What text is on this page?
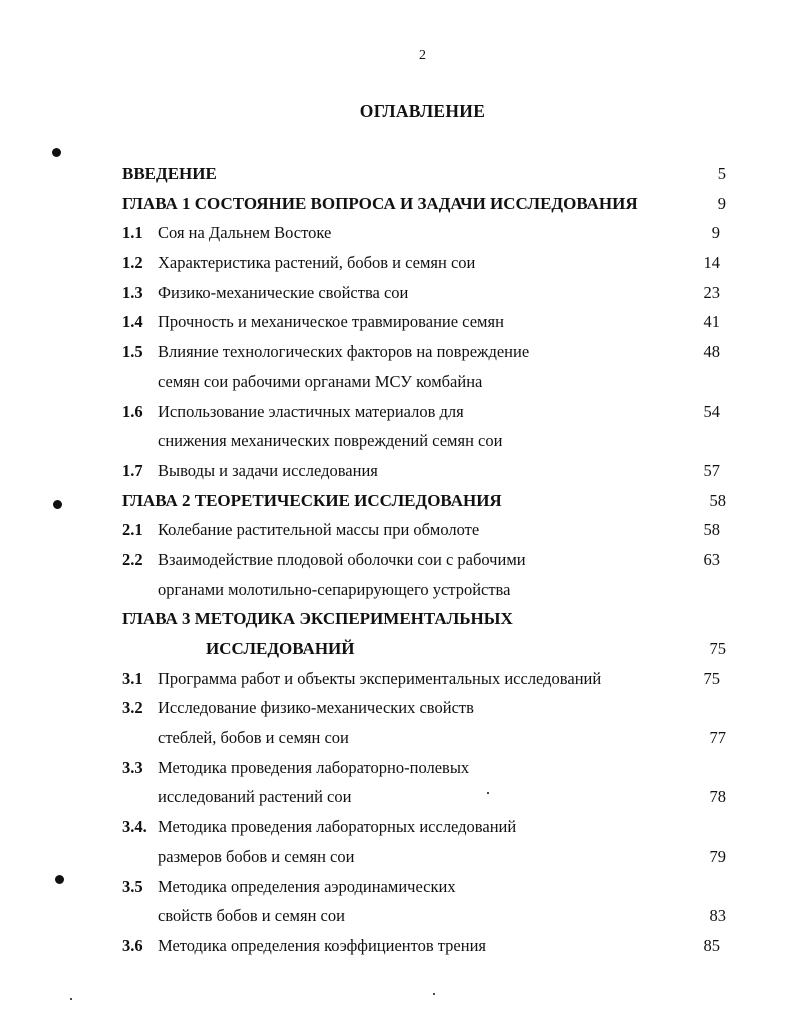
2
ОГЛАВЛЕНИЕ
ВВЕДЕНИЕ	5
ГЛАВА 1 СОСТОЯНИЕ ВОПРОСА И ЗАДАЧИ ИССЛЕДОВАНИЯ	9
1.1 Соя на Дальнем Востоке	9
1.2 Характеристика растений, бобов и семян сои	14
1.3 Физико-механические свойства сои	23
1.4 Прочность и механическое травмирование семян	41
1.5 Влияние технологических факторов на повреждение	48
семян сои рабочими органами МСУ комбайна
1.6 Использование эластичных материалов для	54
снижения механических повреждений семян сои
1.7 Выводы и задачи исследования	57
ГЛАВА 2 ТЕОРЕТИЧЕСКИЕ ИССЛЕДОВАНИЯ	58
2.1 Колебание растительной массы при обмолоте	58
2.2 Взаимодействие плодовой оболочки сои с рабочими	63
органами молотильно-сепарирующего устройства
ГЛАВА 3 МЕТОДИКА ЭКСПЕРИМЕНТАЛЬНЫХ
ИССЛЕДОВАНИЙ	75
3.1 Программа работ и объекты экспериментальных исследований	75
3.2 Исследование физико-механических свойств
стеблей, бобов и семян сои	77
3.3 Методика проведения лабораторно-полевых
исследований растений сои	78
3.4. Методика проведения лабораторных исследований
размеров бобов и семян сои	79
3.5 Методика определения аэродинамических
свойств бобов и семян сои	83
3.6 Методика определения коэффициентов трения	85
